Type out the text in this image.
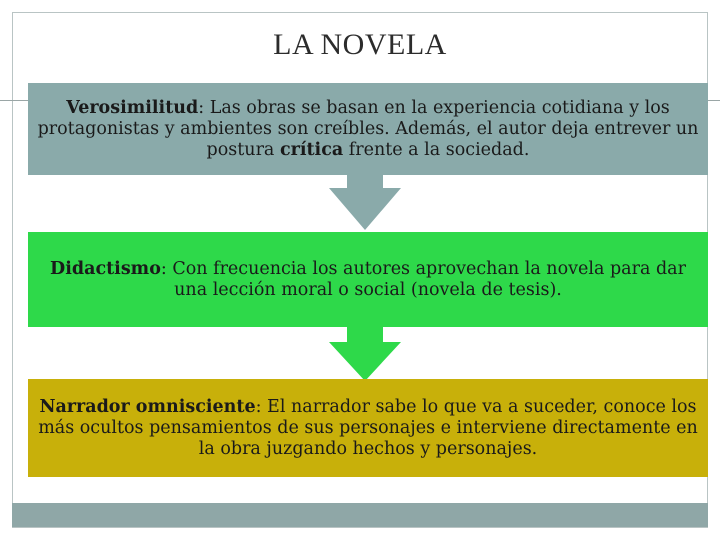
LA NOVELA
Verosimilitud: Las obras se basan en la experiencia cotidiana y los protagonistas y ambientes son creíbles. Además, el autor deja entrever un postura crítica frente a la sociedad.
Didactismo: Con frecuencia los autores aprovechan la novela para dar una lección moral o social (novela de tesis).
Narrador omnisciente: El narrador sabe lo que va a suceder, conoce los más ocultos pensamientos de sus personajes e interviene directamente en la obra juzgando hechos y personajes.
